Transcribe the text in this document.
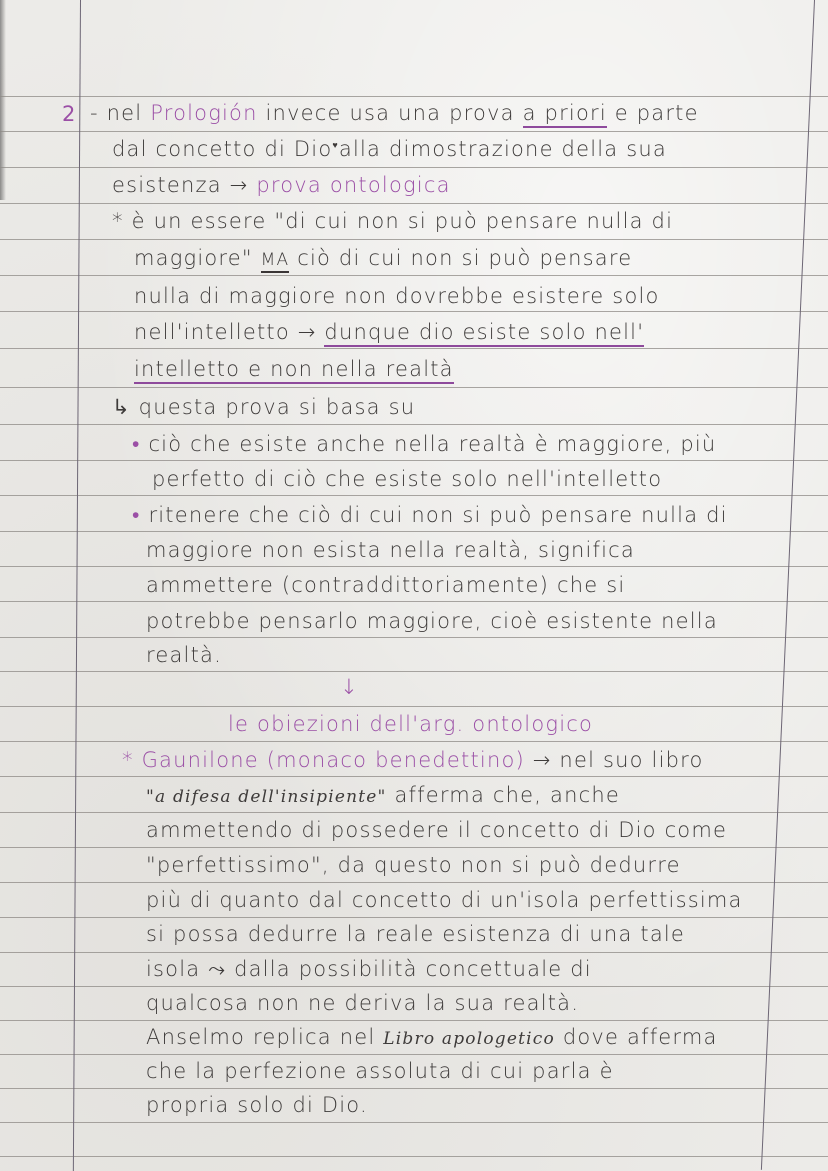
2 - nel Prologión invece usa una prova a priori e parte
dal concetto di Dio♥alla dimostrazione della sua
esistenza → prova ontologica
* è un essere "di cui non si può pensare nulla di
maggiore" MA ciò di cui non si può pensare
nulla di maggiore non dovrebbe esistere solo
nell'intelletto → dunque dio esiste solo nell'
intelletto e non nella realtà
↳ questa prova si basa su
• ciò che esiste anche nella realtà è maggiore, più
perfetto di ciò che esiste solo nell'intelletto
• ritenere che ciò di cui non si può pensare nulla di
maggiore non esista nella realtà, significa
ammettere (contraddittoriamente) che si
potrebbe pensarlo maggiore, cioè esistente nella
realtà.
↓
le obiezioni dell'arg. ontologico
* Gaunilone (monaco benedettino) → nel suo libro
"a difesa dell'insipiente" afferma che, anche
ammettendo di possedere il concetto di Dio come
"perfettissimo", da questo non si può dedurre
più di quanto dal concetto di un'isola perfettissima
si possa dedurre la reale esistenza di una tale
isola ⤳ dalla possibilità concettuale di
qualcosa non ne deriva la sua realtà.
Anselmo replica nel Libro apologetico dove afferma
che la perfezione assoluta di cui parla è
propria solo di Dio.
